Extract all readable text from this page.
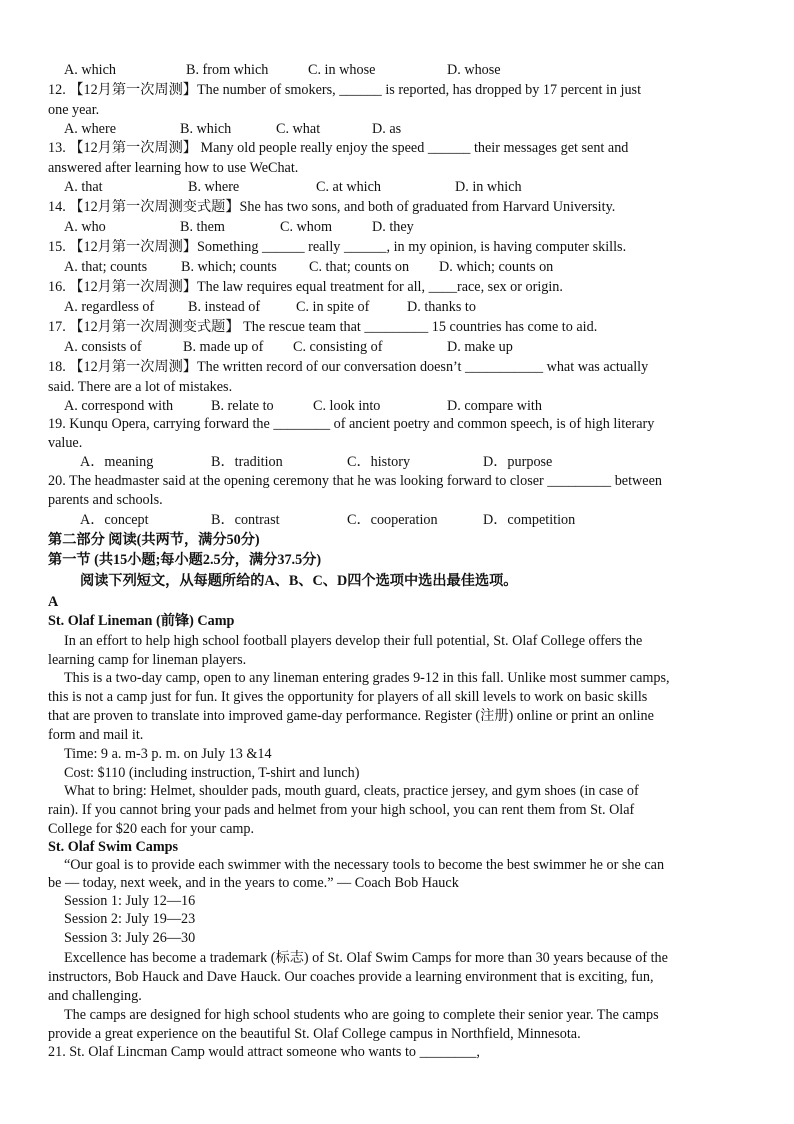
A. which	B. from which	C. in whose	D. whose
12. 【12月第一次周测】The number of smokers, ______ is reported, has dropped by 17 percent in just
one year.
A. where	B. which	C. what	D. as
13. 【12月第一次周测】 Many old people really enjoy the speed ______ their messages get sent and
answered after learning how to use WeChat.
A. that	B. where	C. at which	D. in which
14. 【12月第一次周测变式题】She has two sons, and both of graduated from Harvard University.
A. who	B. them	C. whom	D. they
15. 【12月第一次周测】Something ______ really ______, in my opinion, is having computer skills.
A. that; counts B. which; counts C. that; counts on D. which; counts on
16. 【12月第一次周测】The law requires equal treatment for all, ____race, sex or origin.
A. regardless of B. instead of	C. in spite of	D. thanks to
17. 【12月第一次周测变式题】 The rescue team that _________ 15 countries has come to aid.
A. consists of	B. made up of C. consisting of	D. make up
18. 【12月第一次周测】The written record of our conversation doesn’t ___________ what was actually
said. There are a lot of mistakes.
A. correspond with	B. relate to	C. look into	D. compare with
19. Kunqu Opera, carrying forward the ________ of ancient poetry and common speech, is of high literary
value.
A．meaning	B．tradition	C．history	D．purpose
20. The headmaster said at the opening ceremony that he was looking forward to closer _________ between
parents and schools.
A．concept	B．contrast	C．cooperation	D．competition
第二部分 阅读(共两节，满分50分)
第一节 (共15小题;每小题2.5分，满分37.5分)
阅读下列短文，从每题所给的A、B、C、D四个选项中选出最佳选项。
A
St. Olaf Lineman (前锋) Camp
In an effort to help high school football players develop their full potential, St. Olaf College offers the
learning camp for lineman players.
This is a two-day camp, open to any lineman entering grades 9-12 in this fall. Unlike most summer camps,
this is not a camp just for fun. It gives the opportunity for players of all skill levels to work on basic skills
that are proven to translate into improved game-day performance. Register (注册) online or print an online
form and mail it.
Time: 9 a. m-3 p. m. on July 13 &14
Cost: $110 (including instruction, T-shirt and lunch)
What to bring: Helmet, shoulder pads, mouth guard, cleats, practice jersey, and gym shoes (in case of
rain). If you cannot bring your pads and helmet from your high school, you can rent them from St. Olaf
College for $20 each for your camp.
St. Olaf Swim Camps
“Our goal is to provide each swimmer with the necessary tools to become the best swimmer he or she can
be — today, next week, and in the years to come.” — Coach Bob Hauck
Session 1: July 12—16
Session 2: July 19—23
Session 3: July 26—30
Excellence has become a trademark (标志) of St. Olaf Swim Camps for more than 30 years because of the
instructors, Bob Hauck and Dave Hauck. Our coaches provide a learning environment that is exciting, fun,
and challenging.
The camps are designed for high school students who are going to complete their senior year. The camps
provide a great experience on the beautiful St. Olaf College campus in Northfield, Minnesota.
21. St. Olaf Lincman Camp would attract someone who wants to ________,
